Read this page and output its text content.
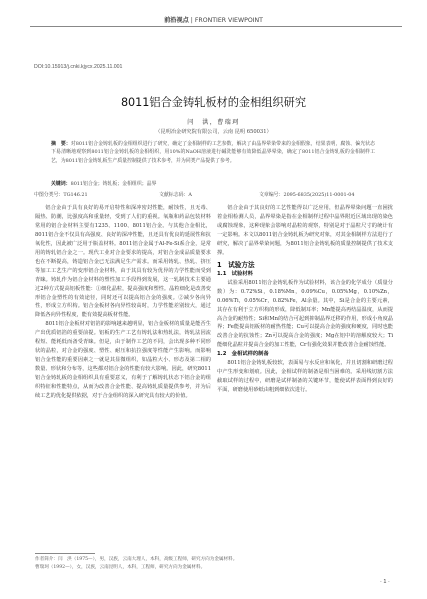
前沿视点 | FRONTIER VIEWPOINT
DOI:10.15913/j.cnki.kjycx.2025.11.001
8011铝合金铸轧板材的金相组织研究
闫　洪，曹瑞珂
（昆明冶金研究院有限公司，云南 昆明 650031）
摘　要：对8011铝合金铸轧板的金相组织进行了研究，确定了金相制样的工艺参数，解决了由晶界晕染带来的金相假象，结果表明，腐蚀、偏光状态下易清晰地观察到8011铝合金铸轧板的金相组织，用10%的NaOH溶液进行碱洗能够有效降低晶界晕染，确定了8011铝合金铸轧板的金相制样工艺，为8011铝合金铸轧板生产质量控制提供了技术参考，并为同类产品提供了参考。
关键词：8011铝合金；铸轧板；金相组织；晶界
中图分类号：TG146.21	文献标志码：A	文章编号：2095-6835(2025)11-0001-04

铝合金由于具有良好的易开启特性和深冲密封性能，耐蚀性，且无毒、隔热、防潮，比强度高和重量轻，受到了人们的重视。氧瓶和药品包装材料常用的铝合金材料主要有1235、1100、8011铝合金。与其他合金相比，8011铝合金不仅具有高强度、良好的深冲性能，且还具有优良的延展性和抗氧化性，因此被广泛用于瓶盖材料。8011铝合金属于Al-Fe-Si系合金，是常用的铸轧铝合金之一。现代工业对合金要求的提高，对铝合金成品质量要求也在不断提高，铸造铝合金已无法满足生产需求。而采用铸轧、热轧、挤压等加工工艺生产的变形铝合金材料，由于其具有较为优异的力学性能而受到青睐。铸轧作为铝合金材料的塑性加工手段得到发展，这一轧制技术主要通过2种方式提高铝板性能：①细化晶粒，提高强度和塑性。晶粒细化是改善变形铝合金塑性的有效途径，同时还可以提高铝合金的强度。②减少各向异性，形成立方织构。铝合金板材各向异性较高时，力学性能差别较大，通过降低各向异性程度，能有效提高板材性能。

8011铝合金板材对铝箔的影响越来越明显，铝合金板材的质量是能否生产出优质铝箔的重要前提。铝板的生产工艺有铸轧法和热轧法，铸轧法因流程短、能耗低而备受青睐。但是，由于制作工艺的不同，会出现多种不同形状的晶粒，对合金的强度、塑性、耐压和抗拉强度等性能产生影响。而影响铝合金性能的重要因素之一就是其显微组织，如晶粒大小、形态及第二相的数量、形状和分布等，这些都对铝合金的性能有较大影响。因此，研究8011铝合金铸轧板的金相组织具有重要意义，有利于了解铸轧状态下铝合金的组织特征和性能特点，从而为改善合金性能、提高铸轧质量提供参考，并为后续工艺的优化提供依据，对于合金组织的深入研究具有较大的价值。

铝合金由于其良好的工艺性能得以广泛应用，但晶界晕染问题一直困扰着金相检测人员，晶界晕染是指在金相制样过程中晶界附近区域出现的染色或腐蚀现象，这种现象会影响对晶粒的观察，特别是对于晶粒尺寸的统计有一定影响。本文以8011铝合金铸轧板为研究对象，对其金相制样方法进行了研究，解决了晶界晕染问题，为8011铝合金铸轧板的质量控制提供了技术支撑。

1　试验方法
1.1　试验材料

试验采用8011铝合金铸轧板作为试验材料，该合金的化学成分（质量分数）为：0.72%Si，0.18%Mn，0.09%Cu，0.05%Mg，0.10%Zn，0.06%Ti，0.05%Cr，0.82%Fe，Al余量。其中，Si是合金的主要元素，其存在有利于立方织构的形成，降低制耳率；Mn能提高再结晶温度，从而提高合金的耐热性；Si和Mn的结合可起到抑制晶界迁移的作用，形成小角度晶界；Fe能提高铝板材的耐热性能；Cu可以提高合金的强度和硬度，同时也能改善合金的抗蚀性；Zn可以提高合金的强度；Mg在铝中的溶解度较大；Ti能细化晶粒并提高合金的加工性能，Cr有强化效果并能改善合金耐蚀性能。

1.2　金相试样的制备

8011铝合金铸轧板较软，表面易与水反应和氧化，并且切割和研磨过程中产生形变和划痕。因此，金相试样的制备是相当困难的。采用线切割方法截取试样的过程中，研磨是试样制备的关键环节，能使试样表面得到良好的平面，研磨使用砂纸由粗到细依次进行。

作者简介：闫　洪（1975—），男，汉族，云南大理人，本科，高级工程师，研究方向为金属材料。
曹瑞珂（1992—），女，汉族，云南昆明人，本科，工程师，研究方向为金属材料。
· 1 ·
